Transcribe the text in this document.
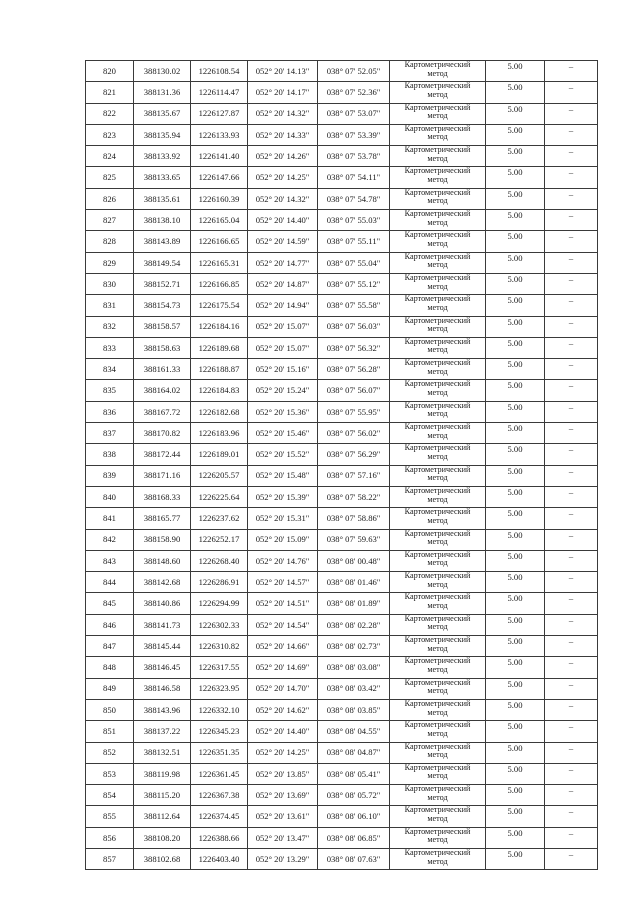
820	388130.02	1226108.54	052° 20' 14.13"	038° 07' 52.05"	Картометрический
метод	5.00	–
821	388131.36	1226114.47	052° 20' 14.17"	038° 07' 52.36"	Картометрический
метод	5.00	–
822	388135.67	1226127.87	052° 20' 14.32"	038° 07' 53.07"	Картометрический
метод	5.00	–
823	388135.94	1226133.93	052° 20' 14.33"	038° 07' 53.39"	Картометрический
метод	5.00	–
824	388133.92	1226141.40	052° 20' 14.26"	038° 07' 53.78"	Картометрический
метод	5.00	–
825	388133.65	1226147.66	052° 20' 14.25"	038° 07' 54.11"	Картометрический
метод	5.00	–
826	388135.61	1226160.39	052° 20' 14.32"	038° 07' 54.78"	Картометрический
метод	5.00	–
827	388138.10	1226165.04	052° 20' 14.40"	038° 07' 55.03"	Картометрический
метод	5.00	–
828	388143.89	1226166.65	052° 20' 14.59"	038° 07' 55.11"	Картометрический
метод	5.00	–
829	388149.54	1226165.31	052° 20' 14.77"	038° 07' 55.04"	Картометрический
метод	5.00	–
830	388152.71	1226166.85	052° 20' 14.87"	038° 07' 55.12"	Картометрический
метод	5.00	–
831	388154.73	1226175.54	052° 20' 14.94"	038° 07' 55.58"	Картометрический
метод	5.00	–
832	388158.57	1226184.16	052° 20' 15.07"	038° 07' 56.03"	Картометрический
метод	5.00	–
833	388158.63	1226189.68	052° 20' 15.07"	038° 07' 56.32"	Картометрический
метод	5.00	–
834	388161.33	1226188.87	052° 20' 15.16"	038° 07' 56.28"	Картометрический
метод	5.00	–
835	388164.02	1226184.83	052° 20' 15.24"	038° 07' 56.07"	Картометрический
метод	5.00	–
836	388167.72	1226182.68	052° 20' 15.36"	038° 07' 55.95"	Картометрический
метод	5.00	–
837	388170.82	1226183.96	052° 20' 15.46"	038° 07' 56.02"	Картометрический
метод	5.00	–
838	388172.44	1226189.01	052° 20' 15.52"	038° 07' 56.29"	Картометрический
метод	5.00	–
839	388171.16	1226205.57	052° 20' 15.48"	038° 07' 57.16"	Картометрический
метод	5.00	–
840	388168.33	1226225.64	052° 20' 15.39"	038° 07' 58.22"	Картометрический
метод	5.00	–
841	388165.77	1226237.62	052° 20' 15.31"	038° 07' 58.86"	Картометрический
метод	5.00	–
842	388158.90	1226252.17	052° 20' 15.09"	038° 07' 59.63"	Картометрический
метод	5.00	–
843	388148.60	1226268.40	052° 20' 14.76"	038° 08' 00.48"	Картометрический
метод	5.00	–
844	388142.68	1226286.91	052° 20' 14.57"	038° 08' 01.46"	Картометрический
метод	5.00	–
845	388140.86	1226294.99	052° 20' 14.51"	038° 08' 01.89"	Картометрический
метод	5.00	–
846	388141.73	1226302.33	052° 20' 14.54"	038° 08' 02.28"	Картометрический
метод	5.00	–
847	388145.44	1226310.82	052° 20' 14.66"	038° 08' 02.73"	Картометрический
метод	5.00	–
848	388146.45	1226317.55	052° 20' 14.69"	038° 08' 03.08"	Картометрический
метод	5.00	–
849	388146.58	1226323.95	052° 20' 14.70"	038° 08' 03.42"	Картометрический
метод	5.00	–
850	388143.96	1226332.10	052° 20' 14.62"	038° 08' 03.85"	Картометрический
метод	5.00	–
851	388137.22	1226345.23	052° 20' 14.40"	038° 08' 04.55"	Картометрический
метод	5.00	–
852	388132.51	1226351.35	052° 20' 14.25"	038° 08' 04.87"	Картометрический
метод	5.00	–
853	388119.98	1226361.45	052° 20' 13.85"	038° 08' 05.41"	Картометрический
метод	5.00	–
854	388115.20	1226367.38	052° 20' 13.69"	038° 08' 05.72"	Картометрический
метод	5.00	–
855	388112.64	1226374.45	052° 20' 13.61"	038° 08' 06.10"	Картометрический
метод	5.00	–
856	388108.20	1226388.66	052° 20' 13.47"	038° 08' 06.85"	Картометрический
метод	5.00	–
857	388102.68	1226403.40	052° 20' 13.29"	038° 08' 07.63"	Картометрический
метод	5.00	–
